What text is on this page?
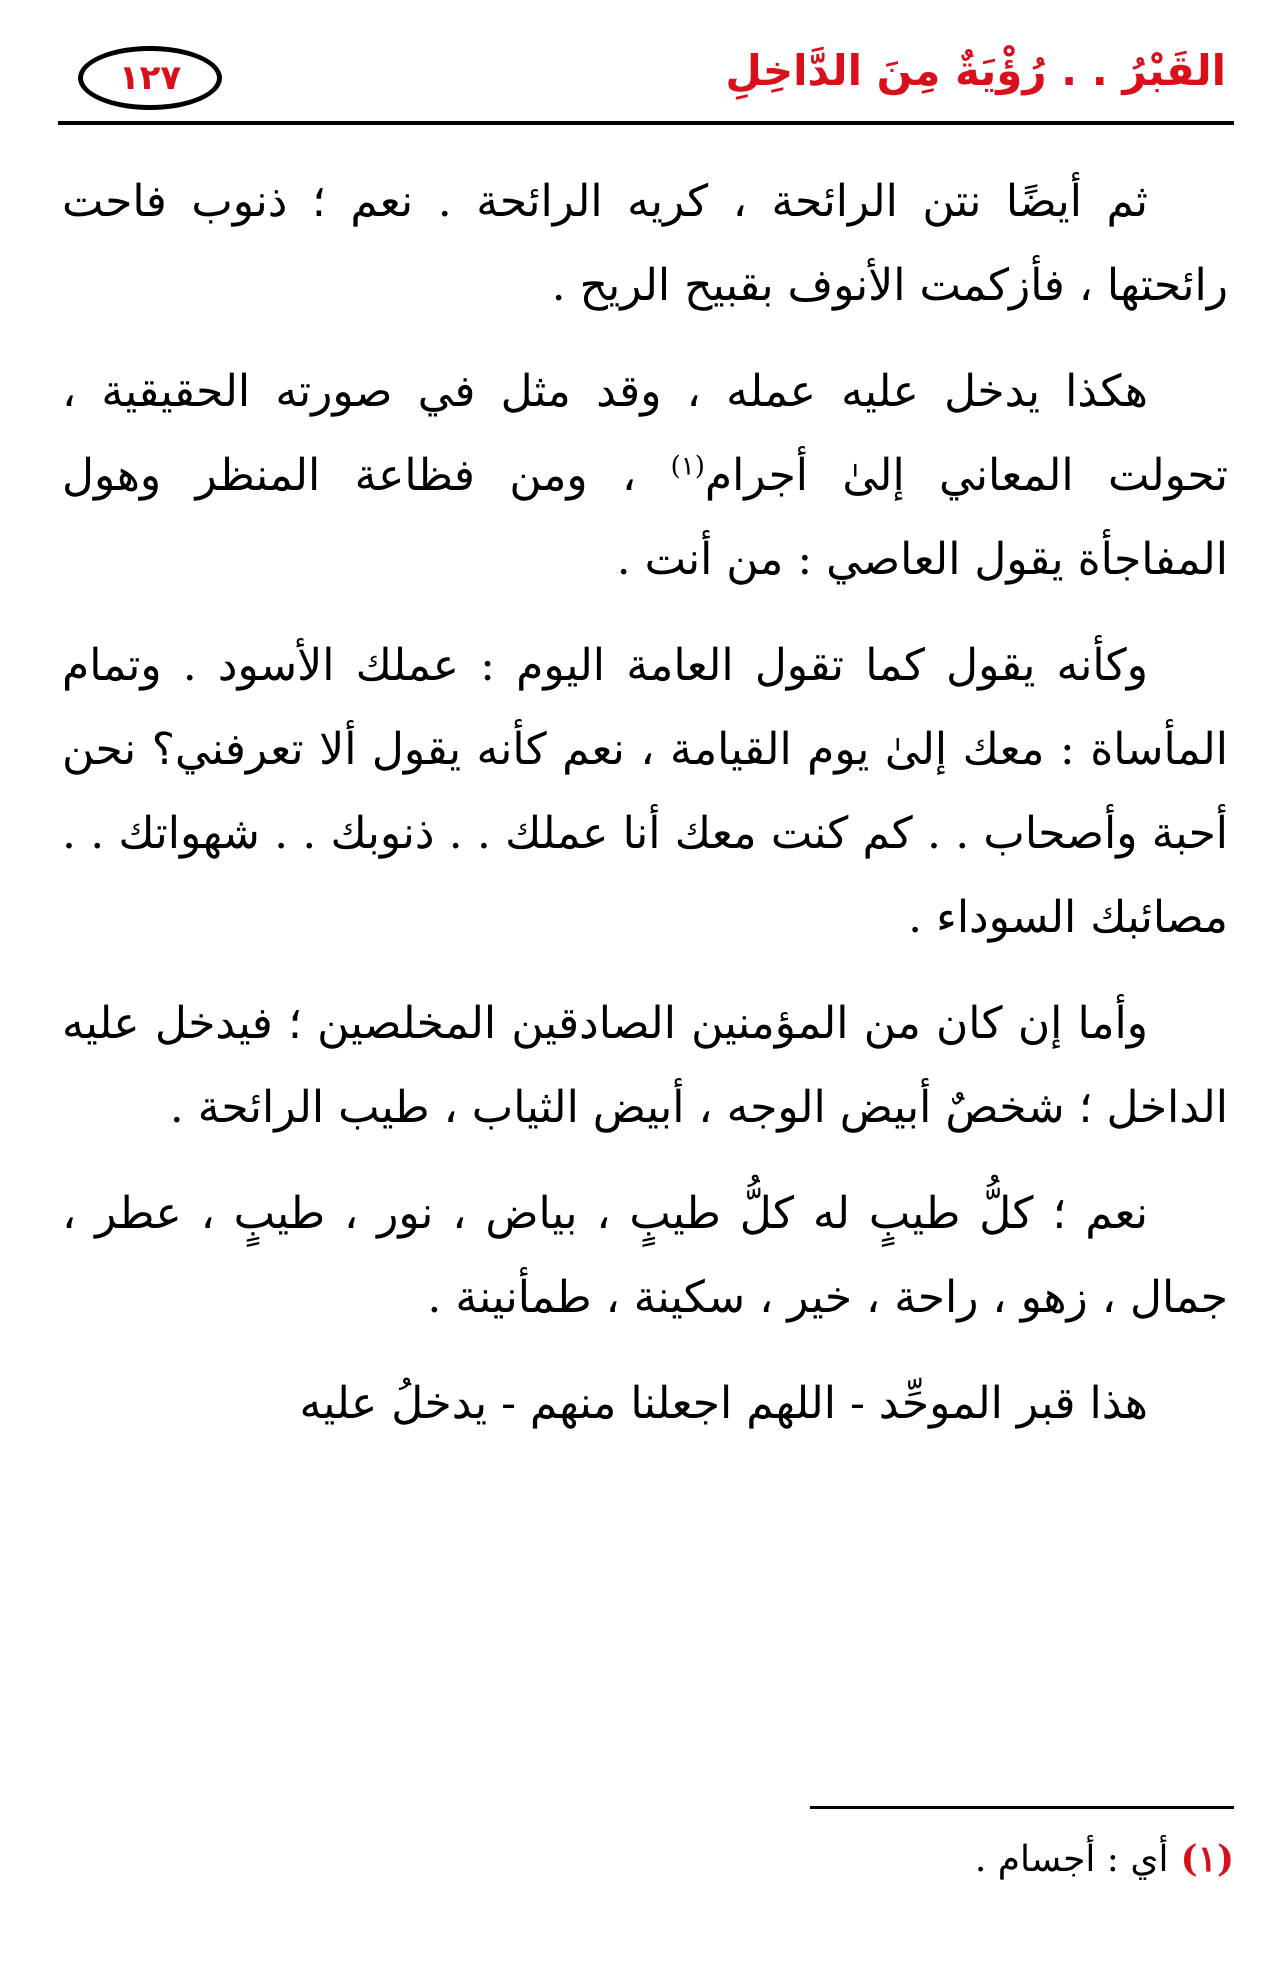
١٢٧	القَبْرُ . . رُؤْيَةٌ مِنَ الدَّاخِلِ

ثم أيضًا نتن الرائحة ، كريه الرائحة . نعم ؛ ذنوب فاحت رائحتها ، فأزكمت الأنوف بقبيح الريح .

هكذا يدخل عليه عمله ، وقد مثل في صورته الحقيقية ، تحولت المعاني إلىٰ أجرام$^{(١)}$ ، ومن فظاعة المنظر وهول المفاجأة يقول العاصي : من أنت .

وكأنه يقول كما تقول العامة اليوم : عملك الأسود . وتمام المأساة : معك إلىٰ يوم القيامة ، نعم كأنه يقول ألا تعرفني؟ نحن أحبة وأصحاب . . كم كنت معك أنا عملك . . ذنوبك . . شهواتك . . مصائبك السوداء .

وأما إن كان من المؤمنين الصادقين المخلصين ؛ فيدخل عليه الداخل ؛ شخصٌ أبيض الوجه ، أبيض الثياب ، طيب الرائحة .

نعم ؛ كلُّ طيبٍ له كلُّ طيبٍ ، بياض ، نور ، طيبٍ ، عطر ، جمال ، زهو ، راحة ، خير ، سكينة ، طمأنينة .

هذا قبر الموحِّد - اللهم اجعلنا منهم - يدخلُ عليه

(١)أي : أجسام .
